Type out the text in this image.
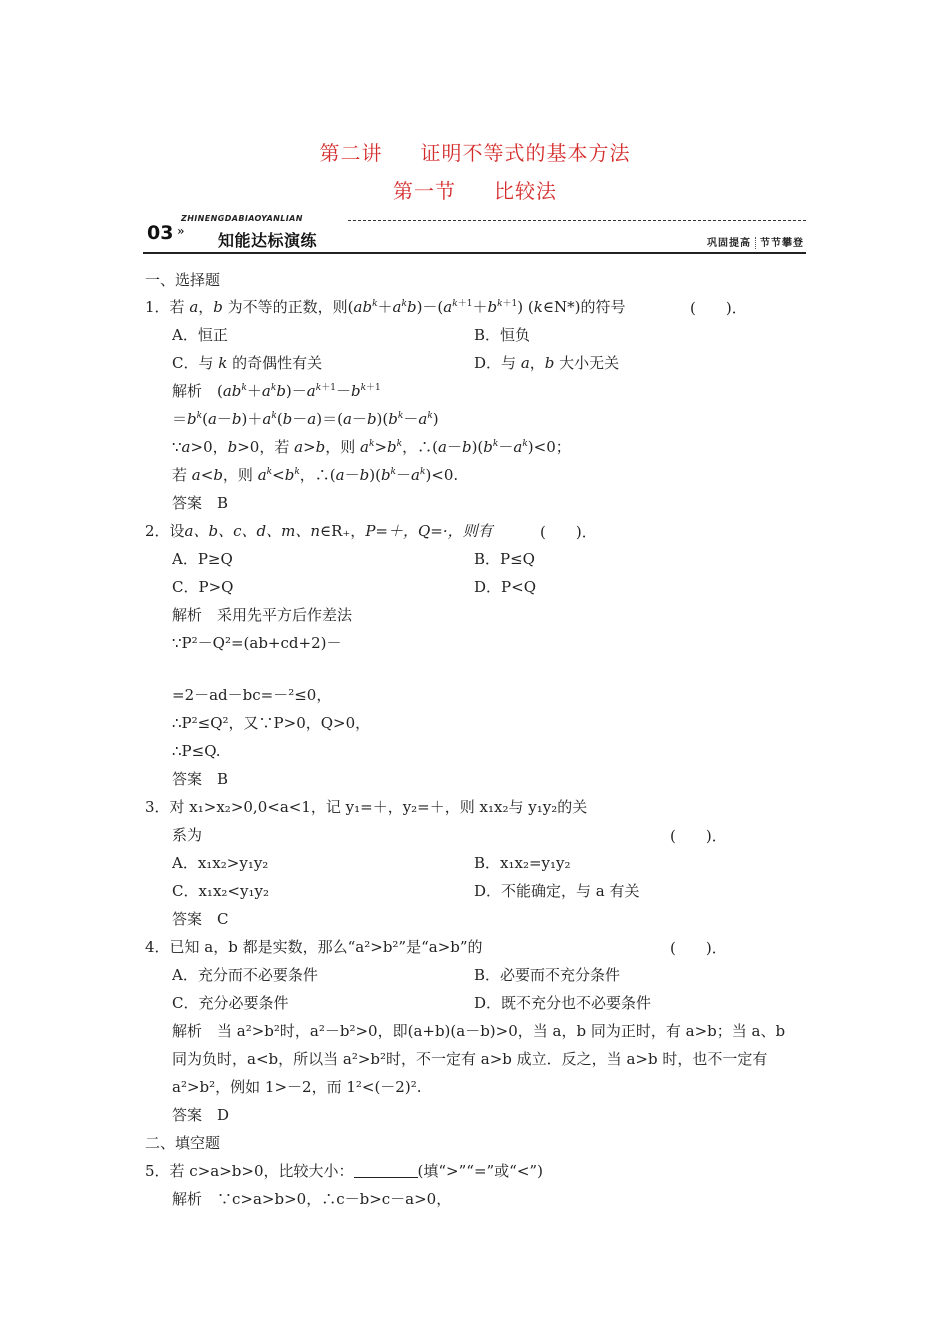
第二讲 证明不等式的基本方法
第一节 比较法
ZHINENGDABIAOYANLIAN
03 » 知能达标演练	巩固提高 节节攀登
一、选择题
1．若 a，b 为不等的正数，则$(ab^k+a^kb)-(a^{k+1}+b^{k+1})$ (k∈N*)的符号	(　　)．
A．恒正	B．恒负
C．与 k 的奇偶性有关	D．与 a，b 大小无关
解析　$(ab^k+a^kb)-a^{k+1}-b^{k+1}$
$=b^k(a-b)+a^k(b-a)=(a-b)(b^k-a^k)$
∵a>0，b>0，若 a>b，则 $a^k>b^k$，$\therefore(a-b)(b^k-a^k)<0$；
若 a<b，则 $a^k<b^k$，$\therefore(a-b)(b^k-a^k)<0$.
答案　B
2．设a、b、c、d、m、n∈R₊，P=＋，Q=·，则有	(　　)．
A．P≥Q	B．P≤Q
C．P>Q	D．P<Q
解析　采用先平方后作差法
∵P²－Q²=(ab+cd+2)－
=2－ad－bc=－²≤0，
∴P²≤Q²，又∵P>0，Q>0，
∴P≤Q.
答案　B
3．对 x₁>x₂>0,0<a<1，记 y₁=＋，y₂=＋，则 x₁x₂与 y₁y₂的关
系为	(　　)．
A．x₁x₂>y₁y₂	B．x₁x₂=y₁y₂
C．x₁x₂<y₁y₂	D．不能确定，与 a 有关
答案　C
4．已知 a，b 都是实数，那么“a²>b²”是“a>b”的	(　　)．
A．充分而不必要条件	B．必要而不充分条件
C．充分必要条件	D．既不充分也不必要条件
解析　当 a²>b²时，a²－b²>0，即(a+b)(a－b)>0，当 a，b 同为正时，有 a>b；当 a、b
同为负时，a<b，所以当 a²>b²时，不一定有 a>b 成立．反之，当 a>b 时，也不一定有
a²>b²，例如 1>－2，而 1²<(－2)².
答案　D
二、填空题
5．若 c>a>b>0，比较大小：	(填“>”“=”或“<”)
解析　∵c>a>b>0，∴c－b>c－a>0，
